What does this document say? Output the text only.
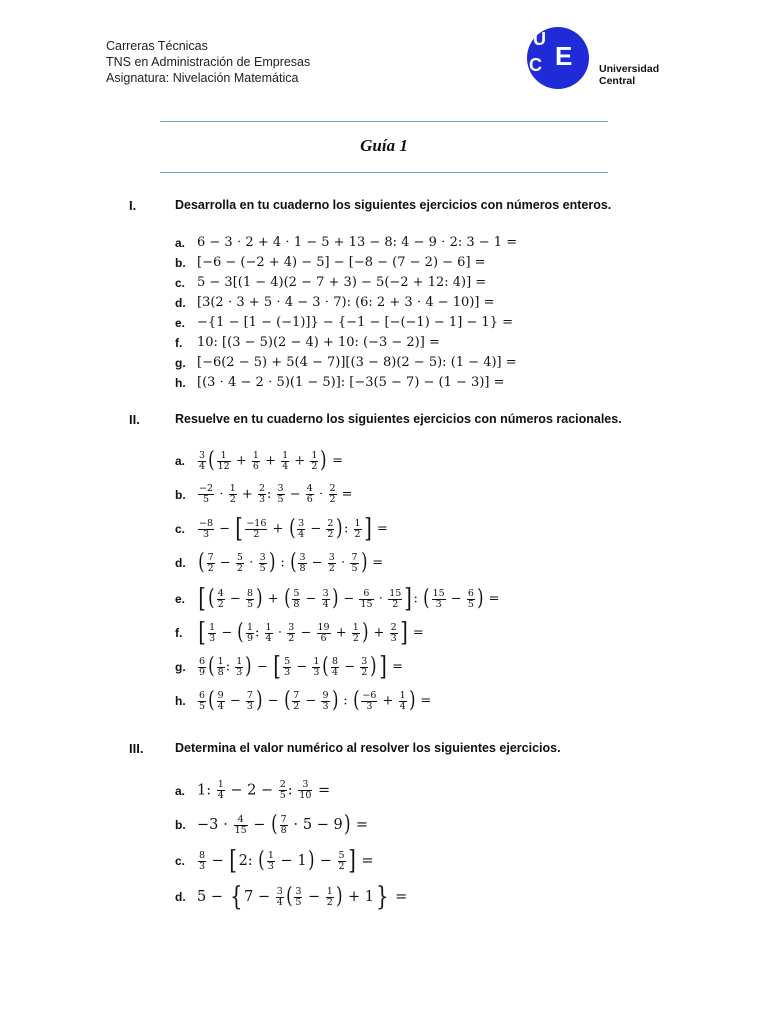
Carreras Técnicas
TNS en Administración de Empresas
Asignatura: Nivelación Matemática
U
C E
N
Universidad
Central
Guía 1
I.	Desarrolla en tu cuaderno los siguientes ejercicios con números enteros.
a. 6 − 3 ⋅ 2 + 4 ⋅ 1 − 5 + 13 − 8: 4 − 9 ⋅ 2: 3 − 1 =
b. [−6 − (−2 + 4) − 5] − [−8 − (7 − 2) − 6] =
c. 5 − 3[(1 − 4)(2 − 7 + 3) − 5(−2 + 12: 4)] =
d. [3(2 ⋅ 3 + 5 ⋅ 4 − 3 ⋅ 7): (6: 2 + 3 ⋅ 4 − 10)] =
e. −{1 − [1 − (−1)]} − {−1 − [−(−1) − 1] − 1} =
f. 10: [(3 − 5)(2 − 4) + 10: (−3 − 2)] =
g. [−6(2 − 5) + 5(4 − 7)][(3 − 8)(2 − 5): (1 − 4)] =
h. [(3 ⋅ 4 − 2 ⋅ 5)(1 − 5)]: [−3(5 − 7) − (1 − 3)] =
II.	Resuelve en tu cuaderno los siguientes ejercicios con números racionales.
a. $\frac{3}{4}$ ( $\frac{1}{12} + \frac{1}{6} + \frac{1}{4} + \frac{1}{2}$ ) =
b. $\frac{-2}{5} \cdot \frac{1}{2} + \frac{2}{3}$ : $\frac{3}{5} - \frac{4}{6} \cdot \frac{2}{2}$ =
c. $\frac{-8}{3}$ − [ $\frac{-16}{2}$ + ( $\frac{3}{4} - \frac{2}{2}$ ): $\frac{1}{2}$ ] =
d. ( $\frac{7}{2} - \frac{5}{2} \cdot \frac{3}{5}$ ) : ( $\frac{3}{8} - \frac{3}{2} \cdot \frac{7}{5}$ ) =
e. [ ( $\frac{4}{2} - \frac{8}{5}$ ) + ( $\frac{5}{8} - \frac{3}{4}$ ) − $\frac{6}{15} \cdot \frac{15}{2}$ ]: ( $\frac{15}{3} - \frac{6}{5}$ ) =
f. [ $\frac{1}{3}$ − ( $\frac{1}{9}$ : $\frac{1}{4} \cdot \frac{3}{2} - \frac{19}{6} + \frac{1}{2}$ ) + $\frac{2}{3}$ ] =
g. $\frac{6}{9}$ ( $\frac{1}{8}$ : $\frac{1}{3}$ ) − [ $\frac{5}{3} - \frac{1}{3}$ ( $\frac{8}{4} - \frac{3}{2}$ )] =
h. $\frac{6}{5}$ ( $\frac{9}{4} - \frac{7}{3}$ ) − ( $\frac{7}{2} - \frac{9}{3}$ ) : ( $\frac{-6}{3} + \frac{1}{4}$ ) =
III.	Determina el valor numérico al resolver los siguientes ejercicios.
a. 1: $\frac{1}{4} - 2 - \frac{2}{5}$ : $\frac{3}{10}$ =
b. $-3 \cdot \frac{4}{15}$ − ( $\frac{7}{8} \cdot 5 - 9$) =
c. $\frac{8}{3} - [2$: ( $\frac{1}{3} - 1) - \frac{5}{2}$ ] =
d. 5 − { $7 - \frac{3}{4}$ ( $\frac{3}{5} - \frac{1}{2}$ ) + 1} =
